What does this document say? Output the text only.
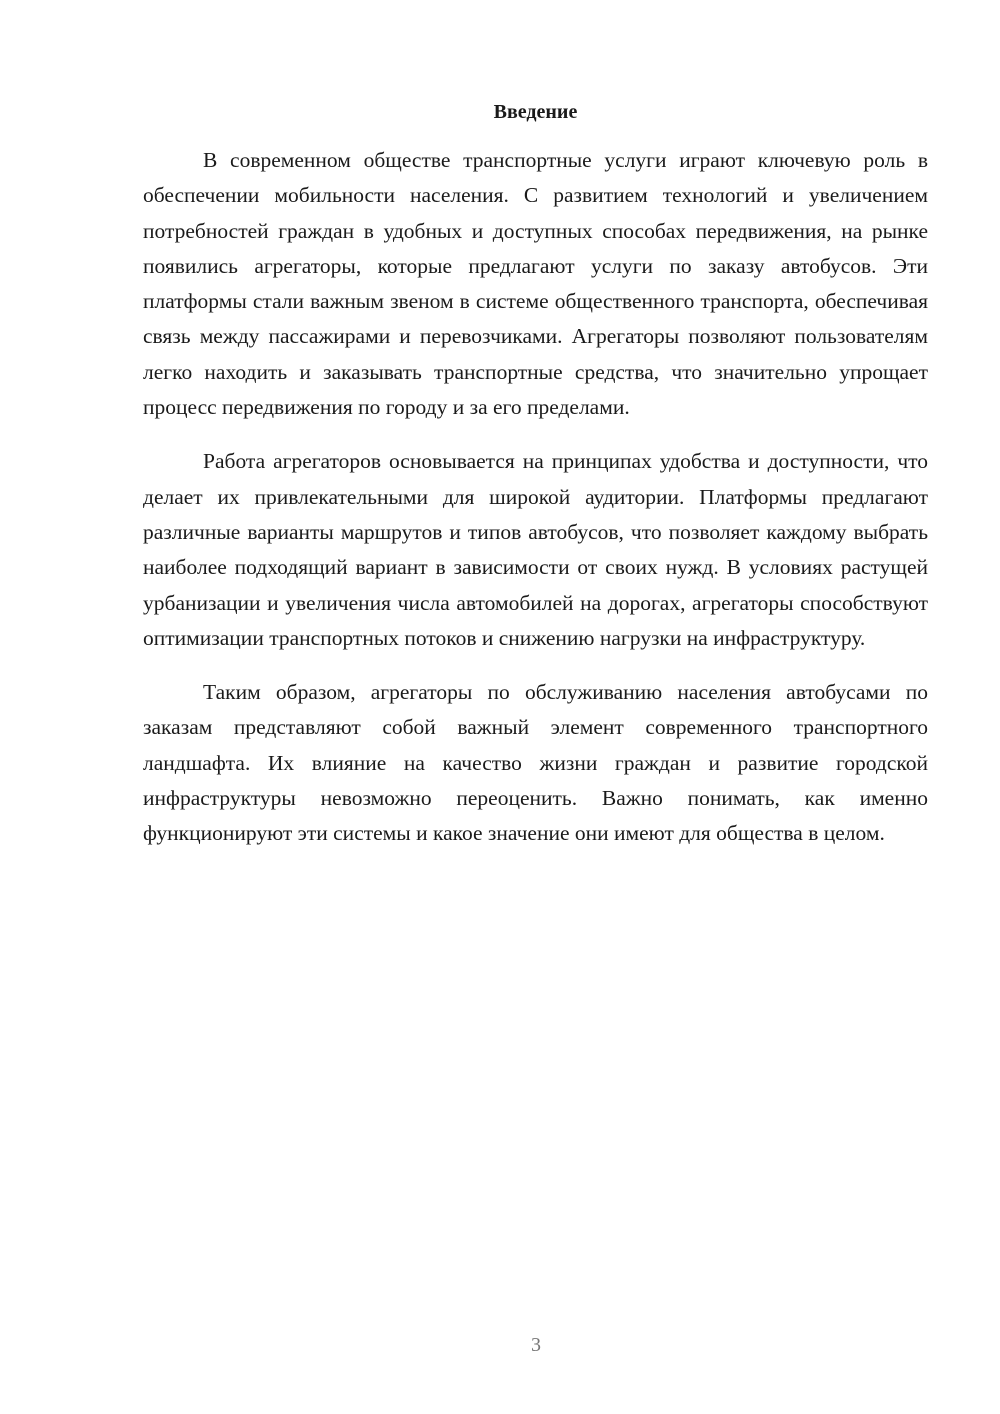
Введение

В современном обществе транспортные услуги играют ключевую роль в обеспечении мобильности населения. С развитием технологий и увеличением потребностей граждан в удобных и доступных способах передвижения, на рынке появились агрегаторы, которые предлагают услуги по заказу автобусов. Эти платформы стали важным звеном в системе общественного транспорта, обеспечивая связь между пассажирами и перевозчиками. Агрегаторы позволяют пользователям легко находить и заказывать транспортные средства, что значительно упрощает процесс передвижения по городу и за его пределами.

Работа агрегаторов основывается на принципах удобства и доступности, что делает их привлекательными для широкой аудитории. Платформы предлагают различные варианты маршрутов и типов автобусов, что позволяет каждому выбрать наиболее подходящий вариант в зависимости от своих нужд. В условиях растущей урбанизации и увеличения числа автомобилей на дорогах, агрегаторы способствуют оптимизации транспортных потоков и снижению нагрузки на инфраструктуру.

Таким образом, агрегаторы по обслуживанию населения автобусами по заказам представляют собой важный элемент современного транспортного ландшафта. Их влияние на качество жизни граждан и развитие городской инфраструктуры невозможно переоценить. Важно понимать, как именно функционируют эти системы и какое значение они имеют для общества в целом.

3
